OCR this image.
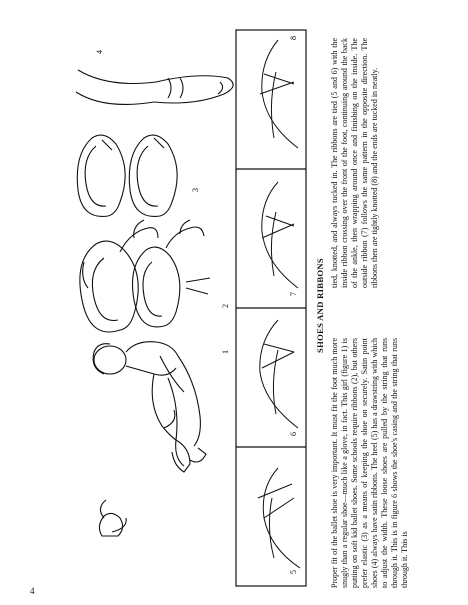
4
1
2
3
4
5
6
7
8
SHOES AND RIBBONS

Proper fit of the ballet shoe is very important. It must fit the foot much more snugly than a regular shoe—much like a glove, in fact. This girl (figure 1) is putting on soft kid ballet shoes. Some schools require ribbons (2), but others prefer elastic (3) as a means of keeping the shoe on securely. Satin point shoes (4) always have satin ribbons. The heel (5) has a drawstring with which to adjust the width. These loose shoes are pulled by the string that runs through it. This is in figure 6 shows the shoe's casing and the string that runs through it. This is

tied, knotted, and always tucked in. The ribbons are tied (5 and 6) with the inside ribbon crossing over the front of the foot, continuing around the back of the ankle, then wrapping around once and finishing on the inside. The outside ribbon (7) follows the same pattern in the opposite direction. The ribbons then are tightly knotted (8) and the ends are tucked in neatly.
